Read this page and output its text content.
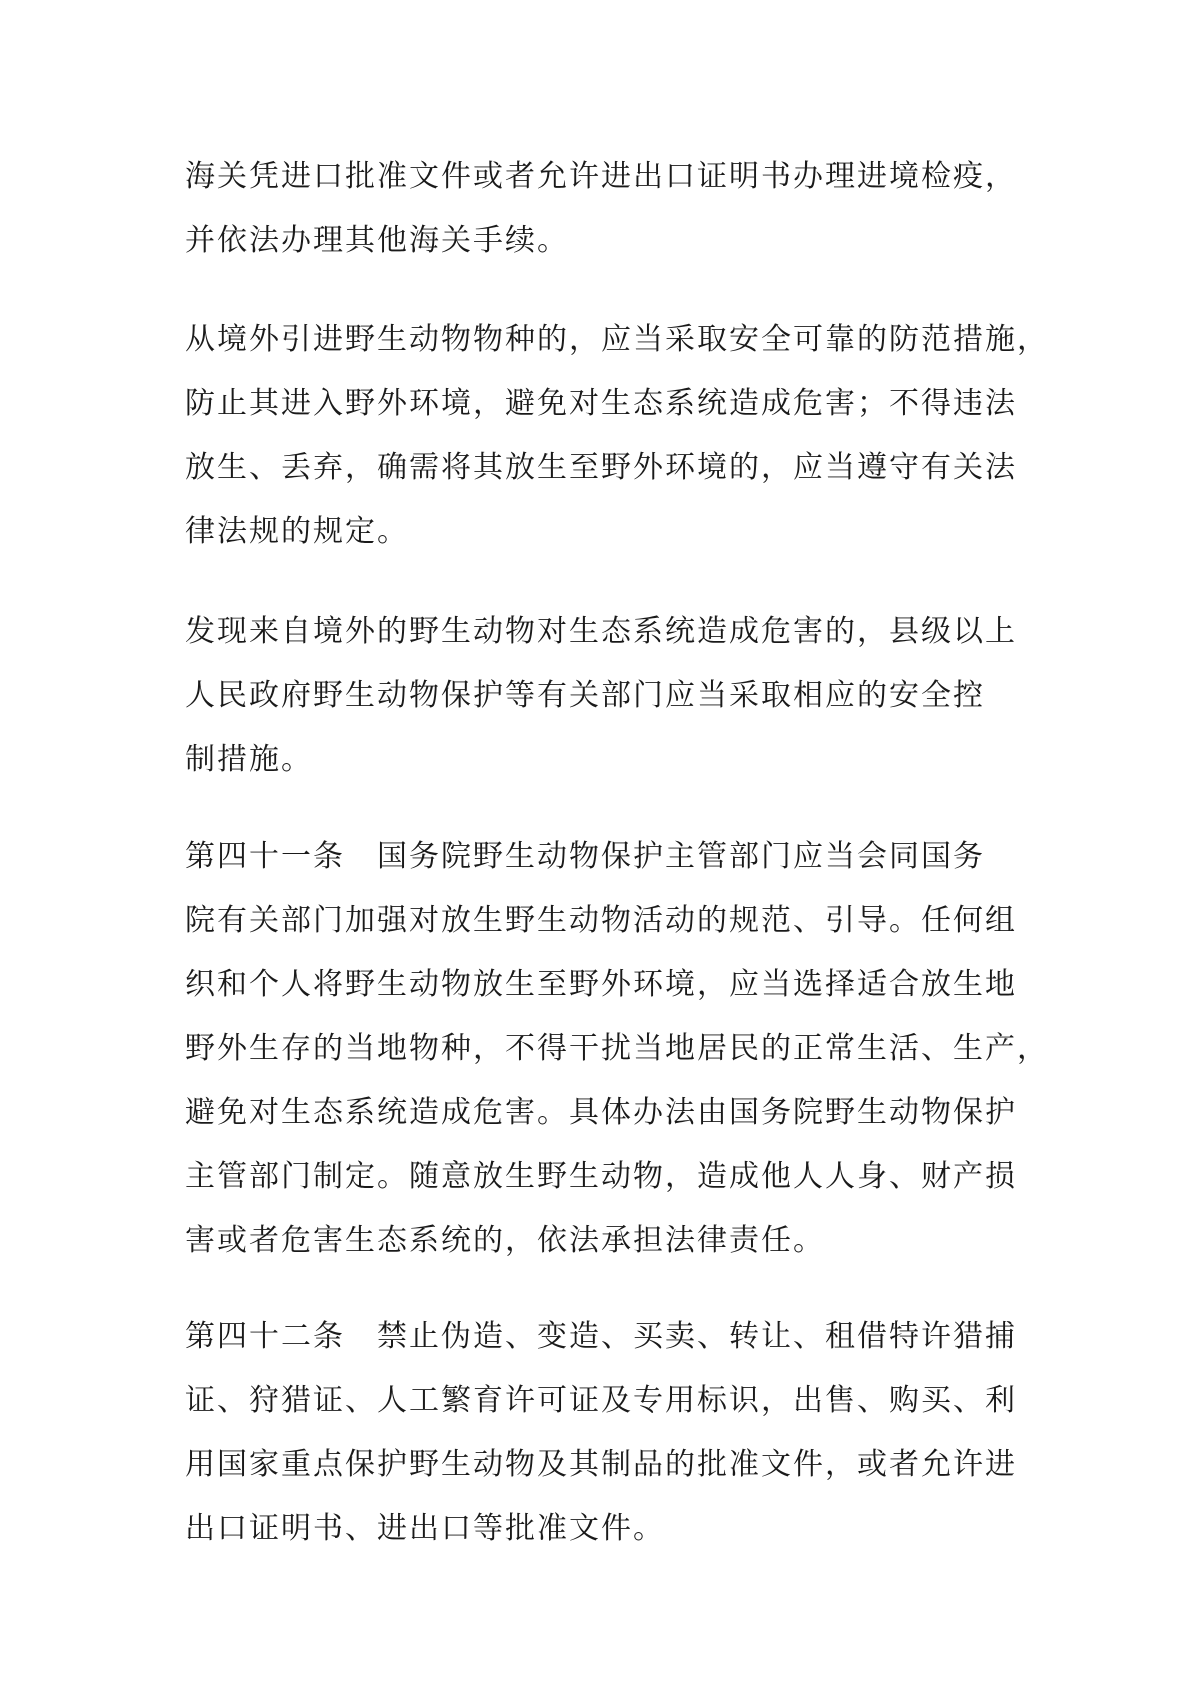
海关凭进口批准文件或者允许进出口证明书办理进境检疫，
并依法办理其他海关手续。

从境外引进野生动物物种的，应当采取安全可靠的防范措施，
防止其进入野外环境，避免对生态系统造成危害；不得违法
放生、丢弃，确需将其放生至野外环境的，应当遵守有关法
律法规的规定。

发现来自境外的野生动物对生态系统造成危害的，县级以上
人民政府野生动物保护等有关部门应当采取相应的安全控
制措施。

第四十一条　国务院野生动物保护主管部门应当会同国务
院有关部门加强对放生野生动物活动的规范、引导。任何组
织和个人将野生动物放生至野外环境，应当选择适合放生地
野外生存的当地物种，不得干扰当地居民的正常生活、生产，
避免对生态系统造成危害。具体办法由国务院野生动物保护
主管部门制定。随意放生野生动物，造成他人人身、财产损
害或者危害生态系统的，依法承担法律责任。

第四十二条　禁止伪造、变造、买卖、转让、租借特许猎捕
证、狩猎证、人工繁育许可证及专用标识，出售、购买、利
用国家重点保护野生动物及其制品的批准文件，或者允许进
出口证明书、进出口等批准文件。
